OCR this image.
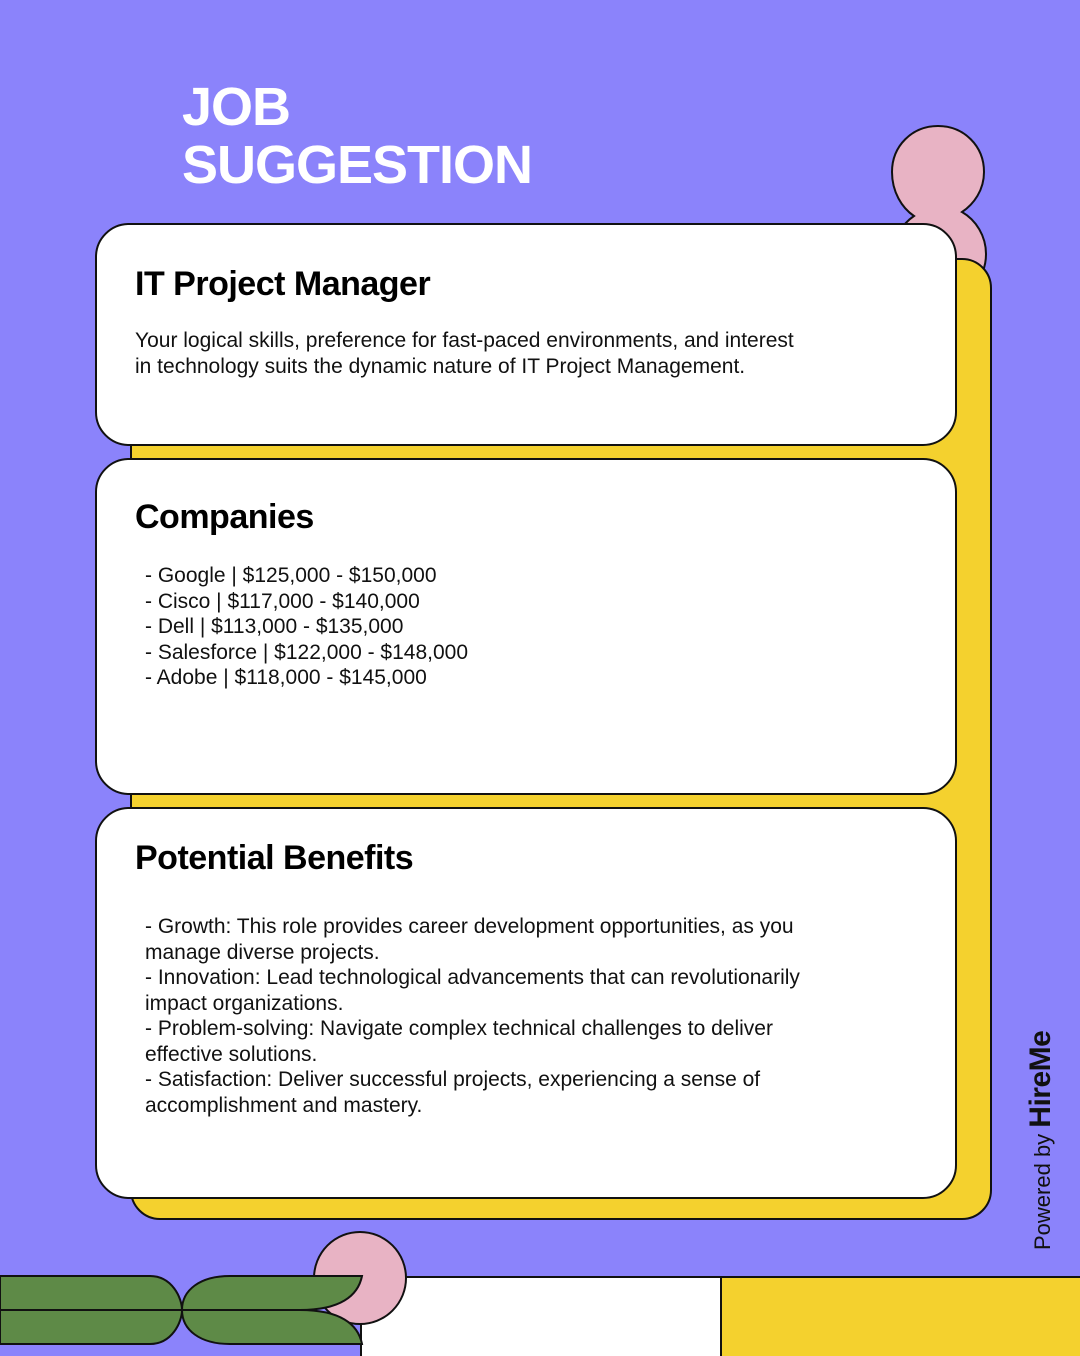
JOB
SUGGESTION
IT Project Manager

Your logical skills, preference for fast-paced environments, and interest in technology suits the dynamic nature of IT Project Management.

Companies
- Google | $125,000 - $150,000
- Cisco | $117,000 - $140,000
- Dell | $113,000 - $135,000
- Salesforce | $122,000 - $148,000
- Adobe | $118,000 - $145,000
Potential Benefits
- Growth: This role provides career development opportunities, as you manage diverse projects.
- Innovation: Lead technological advancements that can revolutionarily impact organizations.
- Problem-solving: Navigate complex technical challenges to deliver effective solutions.
- Satisfaction: Deliver successful projects, experiencing a sense of accomplishment and mastery.
Powered by HireMe
